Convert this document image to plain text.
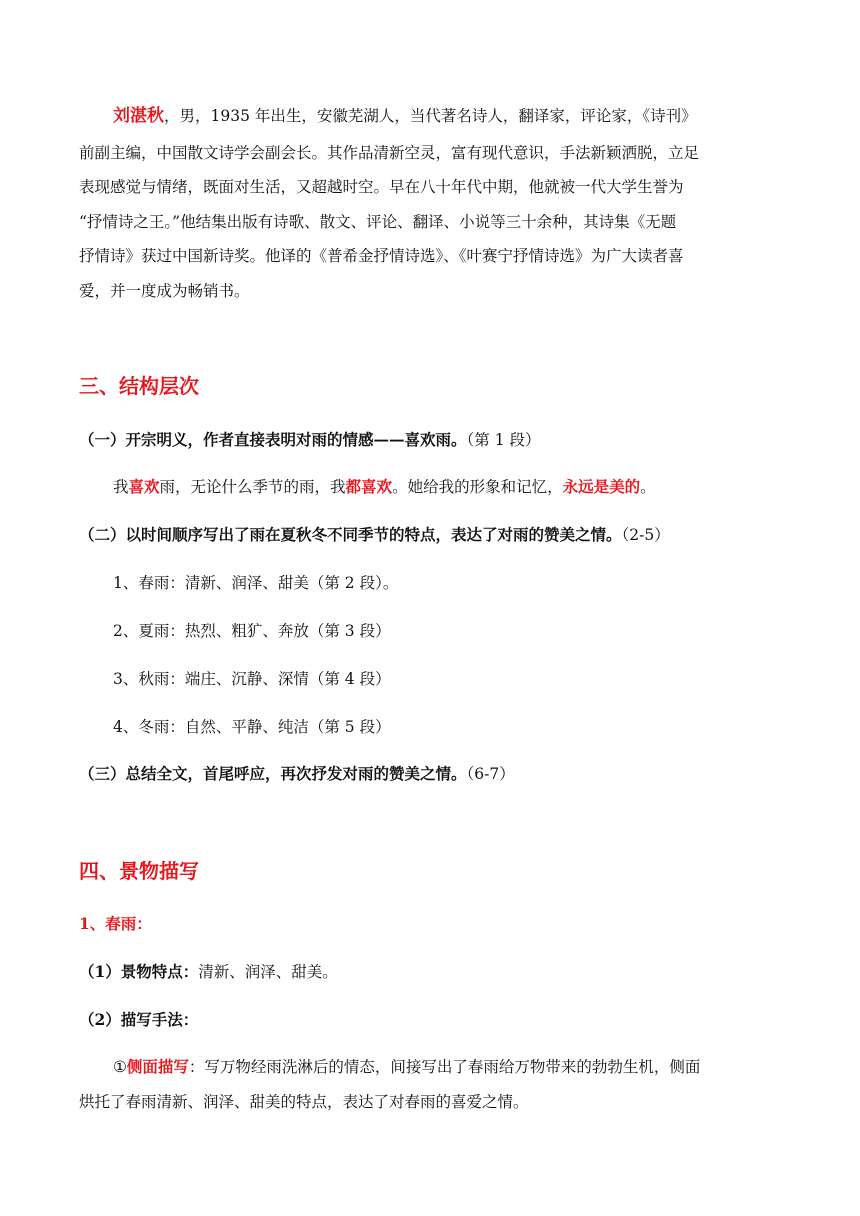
刘湛秋，男，1935 年出生，安徽芜湖人，当代著名诗人，翻译家，评论家，《诗刊》
前副主编，中国散文诗学会副会长。其作品清新空灵，富有现代意识，手法新颖洒脱，立足
表现感觉与情绪，既面对生活，又超越时空。早在八十年代中期，他就被一代大学生誉为
“抒情诗之王。”他结集出版有诗歌、散文、评论、翻译、小说等三十余种，其诗集《无题
抒情诗》获过中国新诗奖。他译的《普希金抒情诗选》、《叶赛宁抒情诗选》为广大读者喜
爱，并一度成为畅销书。
三、结构层次
（一）开宗明义，作者直接表明对雨的情感——喜欢雨。（第 1 段）
我喜欢雨，无论什么季节的雨，我都喜欢。她给我的形象和记忆，永远是美的。
（二）以时间顺序写出了雨在夏秋冬不同季节的特点，表达了对雨的赞美之情。（2-5）
1、春雨：清新、润泽、甜美（第 2 段）。
2、夏雨：热烈、粗犷、奔放（第 3 段）
3、秋雨：端庄、沉静、深情（第 4 段）
4、冬雨：自然、平静、纯洁（第 5 段）
（三）总结全文，首尾呼应，再次抒发对雨的赞美之情。（6-7）
四、景物描写
1、春雨：
（1）景物特点：清新、润泽、甜美。
（2）描写手法：
①侧面描写：写万物经雨洗淋后的情态，间接写出了春雨给万物带来的勃勃生机，侧面
烘托了春雨清新、润泽、甜美的特点，表达了对春雨的喜爱之情。
